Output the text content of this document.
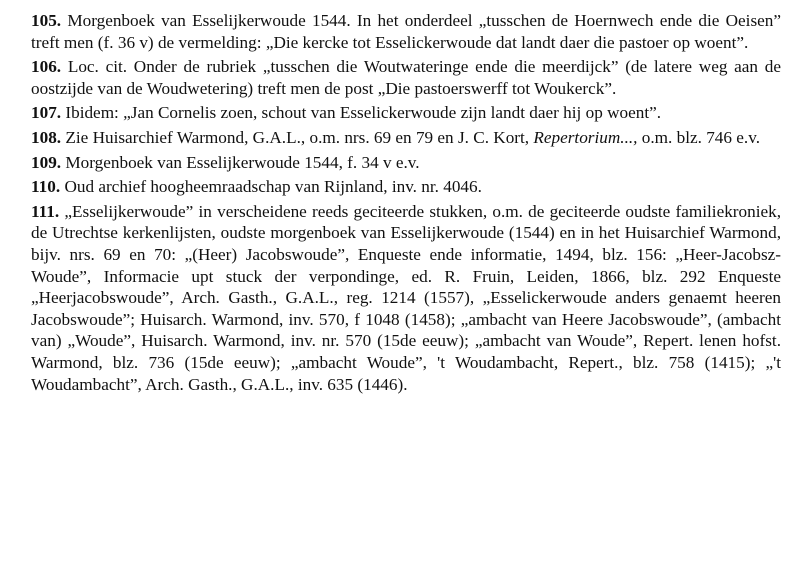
105. Morgenboek van Esselijkerwoude 1544. In het onderdeel „tusschen de Hoernwech ende die Oeisen” treft men (f. 36 v) de vermelding: „Die kercke tot Esselickerwoude dat landt daer die pastoer op woent”.

106. Loc. cit. Onder de rubriek „tusschen die Woutwateringe ende die meerdijck” (de latere weg aan de oostzijde van de Woudwetering) treft men de post „Die pastoerswerff tot Woukerck”.

107. Ibidem: „Jan Cornelis zoen, schout van Esselickerwoude zijn landt daer hij op woent”.

108. Zie Huisarchief Warmond, G.A.L., o.m. nrs. 69 en 79 en J. C. Kort, Repertorium..., o.m. blz. 746 e.v.

109. Morgenboek van Esselijkerwoude 1544, f. 34 v e.v.

110. Oud archief hoogheemraadschap van Rijnland, inv. nr. 4046.

111. „Esselijkerwoude” in verscheidene reeds geciteerde stukken, o.m. de geciteerde oudste familiekroniek, de Utrechtse kerkenlijsten, oudste morgenboek van Esselijkerwoude (1544) en in het Huisarchief Warmond, bijv. nrs. 69 en 70: „(Heer) Jacobswoude”, Enqueste ende informatie, 1494, blz. 156: „Heer-Jacobsz-Woude”, Informacie upt stuck der verpondinge, ed. R. Fruin, Leiden, 1866, blz. 292 Enqueste „Heerjacobswoude”, Arch. Gasth., G.A.L., reg. 1214 (1557), „Esselickerwoude anders genaemt heeren Jacobswoude”; Huisarch. Warmond, inv. 570, f 1048 (1458); „ambacht van Heere Jacobswoude”, (ambacht van) „Woude”, Huisarch. Warmond, inv. nr. 570 (15de eeuw); „ambacht van Woude”, Repert. lenen hofst. Warmond, blz. 736 (15de eeuw); „ambacht Woude”, 't Woudambacht, Repert., blz. 758 (1415); „'t Woudambacht”, Arch. Gasth., G.A.L., inv. 635 (1446).
